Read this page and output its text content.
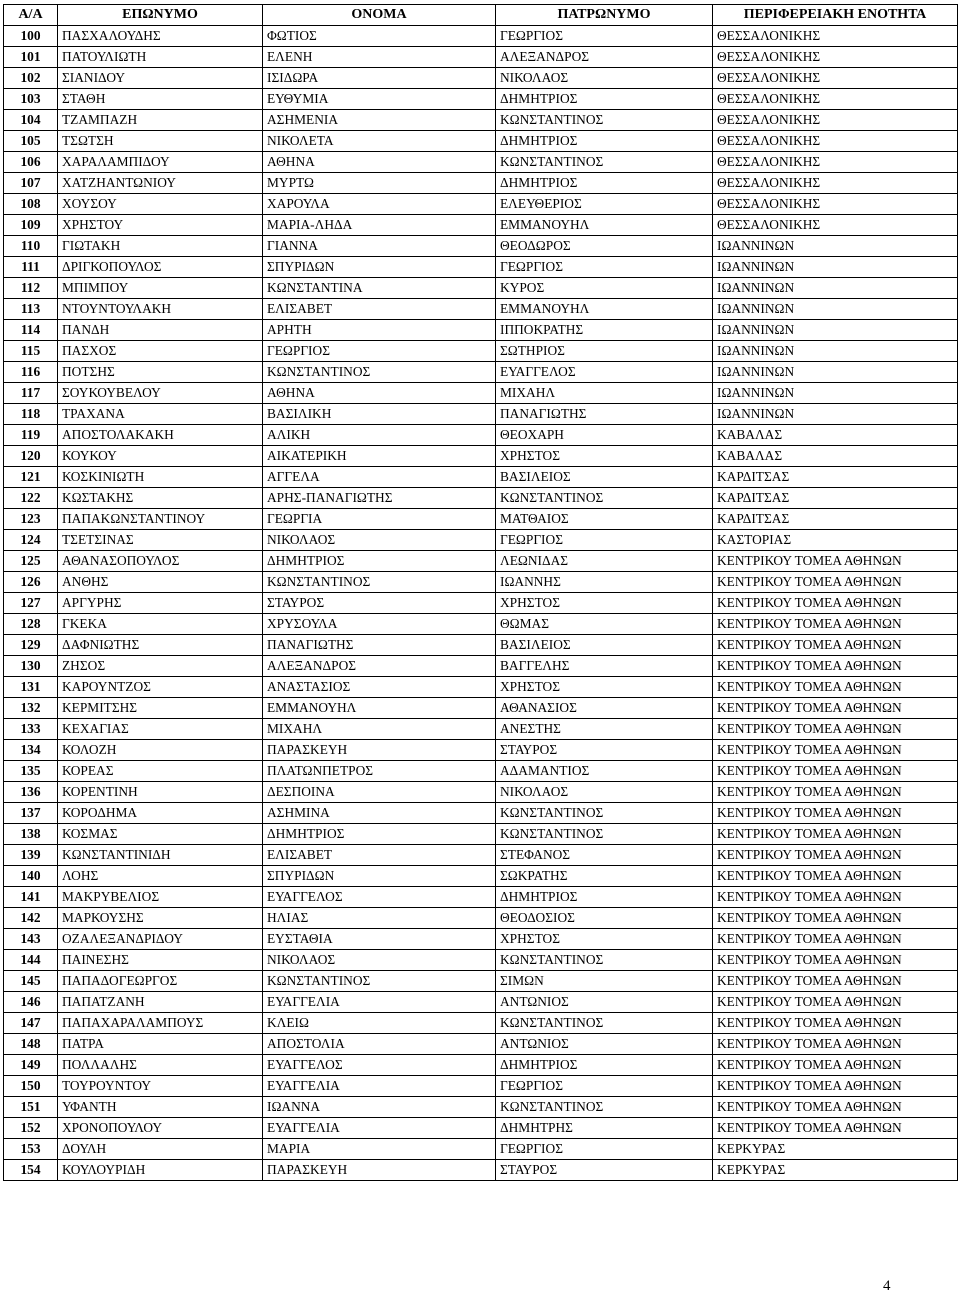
Α/Α	ΕΠΩΝΥΜΟ	ΟΝΟΜΑ	ΠΑΤΡΩΝΥΜΟ	ΠΕΡΙΦΕΡΕΙΑΚΗ ΕΝΟΤΗΤΑ
100	ΠΑΣΧΑΛΟΥΔΗΣ	ΦΩΤΙΟΣ	ΓΕΩΡΓΙΟΣ	ΘΕΣΣΑΛΟΝΙΚΗΣ
101	ΠΑΤΟΥΛΙΩΤΗ	ΕΛΕΝΗ	ΑΛΕΞΑΝΔΡΟΣ	ΘΕΣΣΑΛΟΝΙΚΗΣ
102	ΣΙΑΝΙΔΟΥ	ΙΣΙΔΩΡΑ	ΝΙΚΟΛΑΟΣ	ΘΕΣΣΑΛΟΝΙΚΗΣ
103	ΣΤΑΘΗ	ΕΥΘΥΜΙΑ	ΔΗΜΗΤΡΙΟΣ	ΘΕΣΣΑΛΟΝΙΚΗΣ
104	ΤΖΑΜΠΑΖΗ	ΑΣΗΜΕΝΙΑ	ΚΩΝΣΤΑΝΤΙΝΟΣ	ΘΕΣΣΑΛΟΝΙΚΗΣ
105	ΤΣΩΤΣΗ	ΝΙΚΟΛΕΤΑ	ΔΗΜΗΤΡΙΟΣ	ΘΕΣΣΑΛΟΝΙΚΗΣ
106	ΧΑΡΑΛΑΜΠΙΔΟΥ	ΑΘΗΝΑ	ΚΩΝΣΤΑΝΤΙΝΟΣ	ΘΕΣΣΑΛΟΝΙΚΗΣ
107	ΧΑΤΖΗΑΝΤΩΝΙΟΥ	ΜΥΡΤΩ	ΔΗΜΗΤΡΙΟΣ	ΘΕΣΣΑΛΟΝΙΚΗΣ
108	ΧΟΥΣΟΥ	ΧΑΡΟΥΛΑ	ΕΛΕΥΘΕΡΙΟΣ	ΘΕΣΣΑΛΟΝΙΚΗΣ
109	ΧΡΗΣΤΟΥ	ΜΑΡΙΑ-ΛΗΔΑ	ΕΜΜΑΝΟΥΗΛ	ΘΕΣΣΑΛΟΝΙΚΗΣ
110	ΓΙΩΤΑΚΗ	ΓΙΑΝΝΑ	ΘΕΟΔΩΡΟΣ	ΙΩΑΝΝΙΝΩΝ
111	ΔΡΙΓΚΟΠΟΥΛΟΣ	ΣΠΥΡΙΔΩΝ	ΓΕΩΡΓΙΟΣ	ΙΩΑΝΝΙΝΩΝ
112	ΜΠΙΜΠΟΥ	ΚΩΝΣΤΑΝΤΙΝΑ	ΚΥΡΟΣ	ΙΩΑΝΝΙΝΩΝ
113	ΝΤΟΥΝΤΟΥΛΑΚΗ	ΕΛΙΣΑΒΕΤ	ΕΜΜΑΝΟΥΗΛ	ΙΩΑΝΝΙΝΩΝ
114	ΠΑΝΔΗ	ΑΡΗΤΗ	ΙΠΠΟΚΡΑΤΗΣ	ΙΩΑΝΝΙΝΩΝ
115	ΠΑΣΧΟΣ	ΓΕΩΡΓΙΟΣ	ΣΩΤΗΡΙΟΣ	ΙΩΑΝΝΙΝΩΝ
116	ΠΟΤΣΗΣ	ΚΩΝΣΤΑΝΤΙΝΟΣ	ΕΥΑΓΓΕΛΟΣ	ΙΩΑΝΝΙΝΩΝ
117	ΣΟΥΚΟΥΒΕΛΟΥ	ΑΘΗΝΑ	ΜΙΧΑΗΛ	ΙΩΑΝΝΙΝΩΝ
118	ΤΡΑΧΑΝΑ	ΒΑΣΙΛΙΚΗ	ΠΑΝΑΓΙΩΤΗΣ	ΙΩΑΝΝΙΝΩΝ
119	ΑΠΟΣΤΟΛΑΚΑΚΗ	ΑΛΙΚΗ	ΘΕΟΧΑΡΗ	ΚΑΒΑΛΑΣ
120	ΚΟΥΚΟΥ	ΑΙΚΑΤΕΡΙΚΗ	ΧΡΗΣΤΟΣ	ΚΑΒΑΛΑΣ
121	ΚΟΣΚΙΝΙΩΤΗ	ΑΓΓΕΛΑ	ΒΑΣΙΛΕΙΟΣ	ΚΑΡΔΙΤΣΑΣ
122	ΚΩΣΤΑΚΗΣ	ΑΡΗΣ-ΠΑΝΑΓΙΩΤΗΣ	ΚΩΝΣΤΑΝΤΙΝΟΣ	ΚΑΡΔΙΤΣΑΣ
123	ΠΑΠΑΚΩΝΣΤΑΝΤΙΝΟΥ	ΓΕΩΡΓΙΑ	ΜΑΤΘΑΙΟΣ	ΚΑΡΔΙΤΣΑΣ
124	ΤΣΕΤΣΙΝΑΣ	ΝΙΚΟΛΑΟΣ	ΓΕΩΡΓΙΟΣ	ΚΑΣΤΟΡΙΑΣ
125	ΑΘΑΝΑΣΟΠΟΥΛΟΣ	ΔΗΜΗΤΡΙΟΣ	ΛΕΩΝΙΔΑΣ	ΚΕΝΤΡΙΚΟΥ ΤΟΜΕΑ ΑΘΗΝΩΝ
126	ΑΝΘΗΣ	ΚΩΝΣΤΑΝΤΙΝΟΣ	ΙΩΑΝΝΗΣ	ΚΕΝΤΡΙΚΟΥ ΤΟΜΕΑ ΑΘΗΝΩΝ
127	ΑΡΓΥΡΗΣ	ΣΤΑΥΡΟΣ	ΧΡΗΣΤΟΣ	ΚΕΝΤΡΙΚΟΥ ΤΟΜΕΑ ΑΘΗΝΩΝ
128	ΓΚΕΚΑ	ΧΡΥΣΟΥΛΑ	ΘΩΜΑΣ	ΚΕΝΤΡΙΚΟΥ ΤΟΜΕΑ ΑΘΗΝΩΝ
129	ΔΑΦΝΙΩΤΗΣ	ΠΑΝΑΓΙΩΤΗΣ	ΒΑΣΙΛΕΙΟΣ	ΚΕΝΤΡΙΚΟΥ ΤΟΜΕΑ ΑΘΗΝΩΝ
130	ΖΗΣΟΣ	ΑΛΕΞΑΝΔΡΟΣ	ΒΑΓΓΕΛΗΣ	ΚΕΝΤΡΙΚΟΥ ΤΟΜΕΑ ΑΘΗΝΩΝ
131	ΚΑΡΟΥΝΤΖΟΣ	ΑΝΑΣΤΑΣΙΟΣ	ΧΡΗΣΤΟΣ	ΚΕΝΤΡΙΚΟΥ ΤΟΜΕΑ ΑΘΗΝΩΝ
132	ΚΕΡΜΙΤΣΗΣ	ΕΜΜΑΝΟΥΗΛ	ΑΘΑΝΑΣΙΟΣ	ΚΕΝΤΡΙΚΟΥ ΤΟΜΕΑ ΑΘΗΝΩΝ
133	ΚΕΧΑΓΙΑΣ	ΜΙΧΑΗΛ	ΑΝΕΣΤΗΣ	ΚΕΝΤΡΙΚΟΥ ΤΟΜΕΑ ΑΘΗΝΩΝ
134	ΚΟΛΟΖΗ	ΠΑΡΑΣΚΕΥΗ	ΣΤΑΥΡΟΣ	ΚΕΝΤΡΙΚΟΥ ΤΟΜΕΑ ΑΘΗΝΩΝ
135	ΚΟΡΕΑΣ	ΠΛΑΤΩΝΠΕΤΡΟΣ	ΑΔΑΜΑΝΤΙΟΣ	ΚΕΝΤΡΙΚΟΥ ΤΟΜΕΑ ΑΘΗΝΩΝ
136	ΚΟΡΕΝΤΙΝΗ	ΔΕΣΠΟΙΝΑ	ΝΙΚΟΛΑΟΣ	ΚΕΝΤΡΙΚΟΥ ΤΟΜΕΑ ΑΘΗΝΩΝ
137	ΚΟΡΟΔΗΜΑ	ΑΣΗΜΙΝΑ	ΚΩΝΣΤΑΝΤΙΝΟΣ	ΚΕΝΤΡΙΚΟΥ ΤΟΜΕΑ ΑΘΗΝΩΝ
138	ΚΟΣΜΑΣ	ΔΗΜΗΤΡΙΟΣ	ΚΩΝΣΤΑΝΤΙΝΟΣ	ΚΕΝΤΡΙΚΟΥ ΤΟΜΕΑ ΑΘΗΝΩΝ
139	ΚΩΝΣΤΑΝΤΙΝΙΔΗ	ΕΛΙΣΑΒΕΤ	ΣΤΕΦΑΝΟΣ	ΚΕΝΤΡΙΚΟΥ ΤΟΜΕΑ ΑΘΗΝΩΝ
140	ΛΟΗΣ	ΣΠΥΡΙΔΩΝ	ΣΩΚΡΑΤΗΣ	ΚΕΝΤΡΙΚΟΥ ΤΟΜΕΑ ΑΘΗΝΩΝ
141	ΜΑΚΡΥΒΕΛΙΟΣ	ΕΥΑΓΓΕΛΟΣ	ΔΗΜΗΤΡΙΟΣ	ΚΕΝΤΡΙΚΟΥ ΤΟΜΕΑ ΑΘΗΝΩΝ
142	ΜΑΡΚΟΥΣΗΣ	ΗΛΙΑΣ	ΘΕΟΔΟΣΙΟΣ	ΚΕΝΤΡΙΚΟΥ ΤΟΜΕΑ ΑΘΗΝΩΝ
143	ΟΖΑΛΕΞΑΝΔΡΙΔΟΥ	ΕΥΣΤΑΘΙΑ	ΧΡΗΣΤΟΣ	ΚΕΝΤΡΙΚΟΥ ΤΟΜΕΑ ΑΘΗΝΩΝ
144	ΠΑΙΝΕΣΗΣ	ΝΙΚΟΛΑΟΣ	ΚΩΝΣΤΑΝΤΙΝΟΣ	ΚΕΝΤΡΙΚΟΥ ΤΟΜΕΑ ΑΘΗΝΩΝ
145	ΠΑΠΑΔΟΓΕΩΡΓΟΣ	ΚΩΝΣΤΑΝΤΙΝΟΣ	ΣΙΜΩΝ	ΚΕΝΤΡΙΚΟΥ ΤΟΜΕΑ ΑΘΗΝΩΝ
146	ΠΑΠΑΤΖΑΝΗ	ΕΥΑΓΓΕΛΙΑ	ΑΝΤΩΝΙΟΣ	ΚΕΝΤΡΙΚΟΥ ΤΟΜΕΑ ΑΘΗΝΩΝ
147	ΠΑΠΑΧΑΡΑΛΑΜΠΟΥΣ	ΚΛΕΙΩ	ΚΩΝΣΤΑΝΤΙΝΟΣ	ΚΕΝΤΡΙΚΟΥ ΤΟΜΕΑ ΑΘΗΝΩΝ
148	ΠΑΤΡΑ	ΑΠΟΣΤΟΛΙΑ	ΑΝΤΩΝΙΟΣ	ΚΕΝΤΡΙΚΟΥ ΤΟΜΕΑ ΑΘΗΝΩΝ
149	ΠΟΛΛΑΛΗΣ	ΕΥΑΓΓΕΛΟΣ	ΔΗΜΗΤΡΙΟΣ	ΚΕΝΤΡΙΚΟΥ ΤΟΜΕΑ ΑΘΗΝΩΝ
150	ΤΟΥΡΟΥΝΤΟΥ	ΕΥΑΓΓΕΛΙΑ	ΓΕΩΡΓΙΟΣ	ΚΕΝΤΡΙΚΟΥ ΤΟΜΕΑ ΑΘΗΝΩΝ
151	ΥΦΑΝΤΗ	ΙΩΑΝΝΑ	ΚΩΝΣΤΑΝΤΙΝΟΣ	ΚΕΝΤΡΙΚΟΥ ΤΟΜΕΑ ΑΘΗΝΩΝ
152	ΧΡΟΝΟΠΟΥΛΟΥ	ΕΥΑΓΓΕΛΙΑ	ΔΗΜΗΤΡΗΣ	ΚΕΝΤΡΙΚΟΥ ΤΟΜΕΑ ΑΘΗΝΩΝ
153	ΔΟΥΛΗ	ΜΑΡΙΑ	ΓΕΩΡΓΙΟΣ	ΚΕΡΚΥΡΑΣ
154	ΚΟΥΛΟΥΡΙΔΗ	ΠΑΡΑΣΚΕΥΗ	ΣΤΑΥΡΟΣ	ΚΕΡΚΥΡΑΣ
4
